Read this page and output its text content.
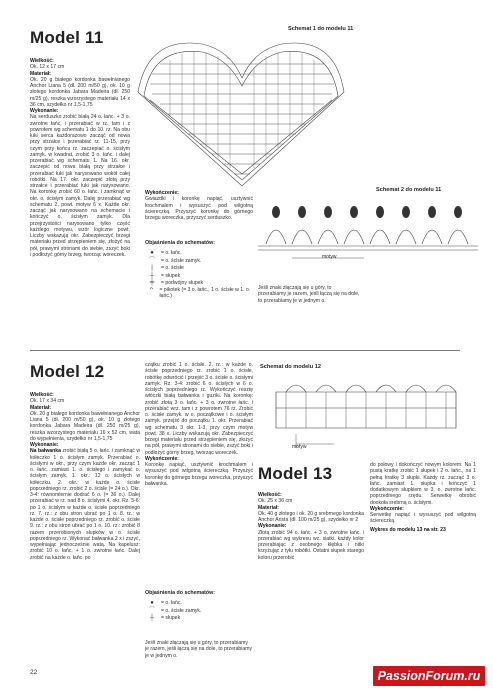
Model 11

Wielkość:

Ok. 12 x 17 cm

Materiał:

Ok. 20 g białego kordonka bawełnianego Anchor Liana 5 (dł. 200 m/50 g), ok. 10 g złotego kordonka Jabara Madeira (dł. 250 m/25 g), reszka wzorzystego materiału 14 x 36 cm, szydełko nr 1,5-1,75

Wykonanie:

Na serduszko zrobić białą 24 o. łańc. + 3 o. zwrotne łańc. i przerabiać w rz. tam i z powrotem wg schematu 1 do 10. rz. Na obu łuki serca każdorazowo zacząć od nowa przy strzałce i przerabiać rz. 11-15, przy czym przy końcu rz. zaczepiać o. ścisłym zamyk. w kwadrat, zrobić 3 o. łańc. i dalej przerabiać wg schematu 1. Na 16. okr. zaczepić od nowa białą przy strzałce i przerabiać łuki jak narysowano wokół całej robótki. Na 17. okr. zaczepić złotą przy strzałce i przerabiać łuki jak narysowano. Na koronkę zrobić 60 o. łańc. i zamknąć w okr. o. ścisłym zamyk. Dalej przerabiać wg schematu 2, powt. motyw 6 x. Każde okr. zacząć jak narysowano na schemacie i kończyć o. ścisłym zamyk. Dla przejrzystości narysowano tylko część każdego motywu, wzór logiczne powt. Liczby wskazują okr. Zabezpieczyć brzegi materiału przed strzępieniem się, złożyć na pół, prawymi stronami do siebie, zszyć boki i podłożyć górny brzeg, tworząc woreczek.

Schemat 1 do modelu 11
Schemat 2 do modelu 11
motyw

Wykończenie:

Gwiazdki i koronkę napiąć, usztywnić krochmalem i wysuszyć pod wilgotną ściereczką. Przyszyć koronkę do górnego brzegu woreczka, przyszyć serduszko.

Objaśnienia do schematów:
●	= o. łańc.
⌒	= o. ścisłe zamyk.
|	= o. ścisłe
┼	= słupek
╪	= podwójny słupek
ᴖ	= pikotek (= 3 o. łańc., 1 o. ścisłe w 1. o. łańc.)
Jeśli znaki złączają się u góry, to przerabiamy je razem, jeśli łączą się na dole, to przerabiamy je w jednym o.
Model 12

Wielkość:

Ok. 17 x 34 cm

Materiał:

Ok. 20 g białego kordonka bawełnianego Anchor Liana 5 (dł. 200 m/50 g), ok. 10 g złotego kordonka Jabara Madeira (dł. 250 m/25 g), reszka wzorzystego materiału 16 x 52 cm, wata do wypełnienia, szydełko nr 1,5-1,75

Wykonanie:

Na bałwanka zrobić białą 5 o. łańc. i zamknąć w kółeczko 1 o. ścisłym zamyk. Przerabiać o. ścisłymi w okr., przy czym każde okr. zacząć 1 o. łańc. zamiast 1. o. ścisłego i zamykać o. ścisłym zamyk. 1. okr.: 12 o. ścisłych w kółeczku. 2. okr.: w każde o. ścisłe poprzedniego rz. zrobić 2 o. ścisłe (= 24 o.). Okr. 3-4: równomiernie dodrać 6 o. (= 36 o.). Dalej przerabiać w rz. nad 8 o. ścisłymi 4. okr. Rz. 5-6: po 1 o. ścisłym w każde o. ścisłe poprzedniego rz. 7. rz.: z obu stron ubrać po 1 o. 8. rz.: w każde o. ścisłe poprzedniego rz. zrobić o. ścisłe 9. rz.: z obu stron ubrać po 1 o. 10. rz.: zrobić 8 razem przerobionych słupków w o. ścisłe poprzedniego rz. Wykonać bałwanka 2 x i zszyć, wypełniając jednocześnie watą. Na kapelusz: zrobić 10 o. łańc. + 1 o. zwrotne łańc. Dalej zrobić na każde o. łańc. po

czątku zrobić 1 o. ścisłe. 2. rz.: w każde o. ścisłe poprzedniego rz. zrobić 1 o. ścisłe, robótkę odwrócić i przejść 3 o. ścisłe o. ścisłymi zamyk. Rz. 3-4: zrobić 6 o. ścisłych w 6 o. ścisłych poprzedniego rz. Wykończyć resztę włóczki białą bałwanka i guziki. Na koronkę: zrobić złotą 3 o. łańc. + 3 o. zwrotne łańc. i przerabiać wrz. tam i z powrotem 76 rz. Zrobić o. ścisłe zamyk. w o. początkowe i o. ścisłym zamyk. przejść do początku 1. okr. Przerabiać wg schematu 3 okr. 1-3, przy czym motyw powt. 38 x. Liczby wskazują okr. Zabezpieczyć brzegi materiału przed strzępieniem się, złożyć na pół, prawymi stronami do siebie, zszyć boki i podłożyć górny brzeg, tworząc woreczek.

Wykończenie:

Koronkę napiąć, usztywnić krochmalem i wysuszyć pod wilgotną ściereczką. Przyszyć koronkę do górnego brzegu woreczka, przyszyć bałwanka.

Objaśnienia do schematów:
●	= o. łańc.
⌒	= o. ścisłe zamyk.
┼	= słupek
Jeśli znaki złączają się u góry, to przerabiamy je razem, jeśli łączą się na dole, to przerabiamy je w jednym o.
Schemat do modelu 12
motyw
Model 13

Wielkość:

Ok. 25 x 36 cm

Materiał:

Ok. 40 g złotego i ok. 20 g srebrnego kordonka Anchor Arista (dł. 100 m/25 g), szydełko nr 2

Wykonanie:

Złotą zrobić 94 o. łańc. + 3 o. zwrotne łańc. i przerabiać wg wykresu wz. siatki, każdy kolor przerabiając z osobnego kłębka i nitki krzyżując z tyłu robótki. Ostatni słupek starego koloru przerobić

do połowy i dokończyć nowym kolorem. Na 1 pustą kratkę zrobić 1 słupek i 2 o. łańc., na 1 pełną kratkę 3 słupki. Każdy rz. zacząć 3 o. łańc. zamiast 1. słupka i kończyć 1 dodatkowym słupkiem w 3. o. zwrotne łańc. poprzedniego rzędu. Serwetkę obrobić dookoła srebrną o. ścisłymi.

Wykończenie:

Serwetkę napiąć i wysuszyć pod wilgotną ściereczką.

Wykres do modelu 13 na str. 23

22	PassionForum.ru
